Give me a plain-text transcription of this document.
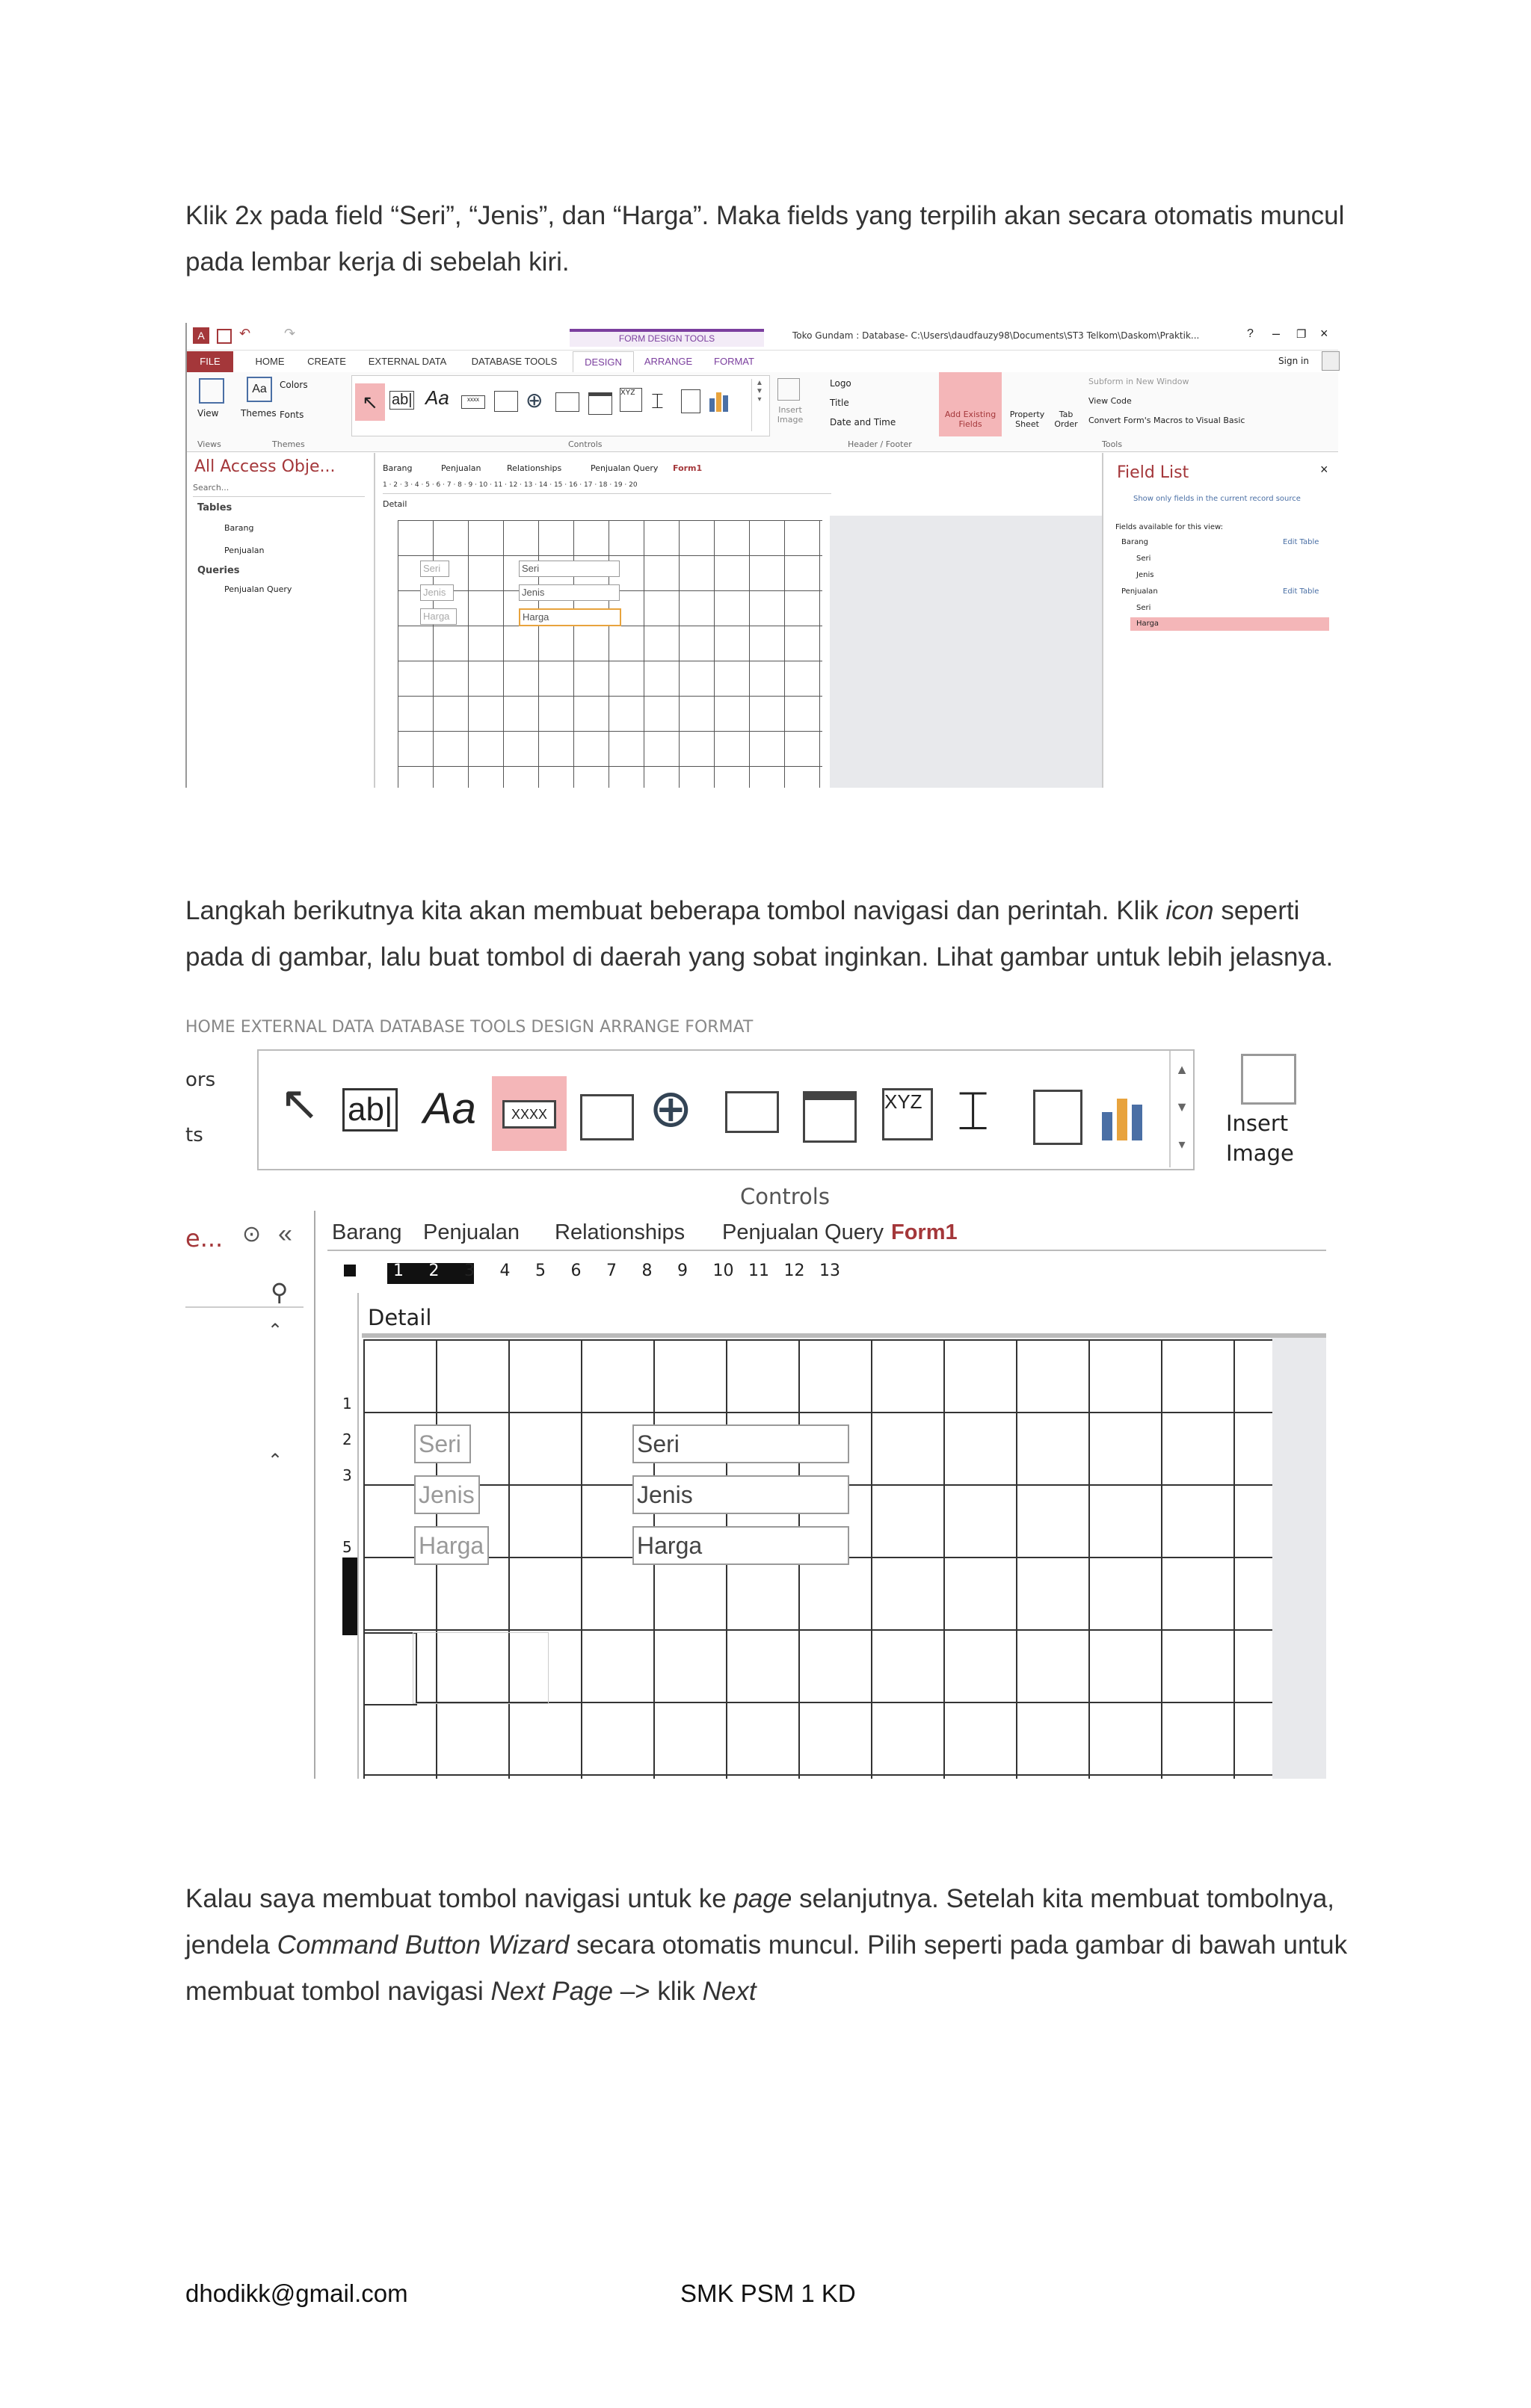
Klik 2x pada field “Seri”, “Jenis”, dan “Harga”. Maka fields yang terpilih akan secara otomatis muncul pada lembar kerja di sebelah kiri.
A	↶ ↷	FORM DESIGN TOOLS	Toko Gundam : Database- C:\Users\daudfauzy98\Documents\ST3 Telkom\Daskom\Praktik...	? – ❐ ×
FILE	HOME	CREATE	EXTERNAL DATA	DATABASE TOOLS	DESIGN	ARRANGE	FORMAT	Sign in
View
Aa
Themes
Colors
Fonts
↖ ab| Aa	xxxx ⊕	XYZ ⌶
▲
▼
▾
Insert Image
Logo
Title
Date and Time
Add Existing Fields
Property Sheet
Tab Order
Subform in New Window
View Code
Convert Form's Macros to Visual Basic
Views	Themes	Controls	Header / Footer	Tools
All Access Obje...
Search...
Tables
Barang
Penjualan
Queries
Penjualan Query
Barang	Penjualan	Relationships	Penjualan Query Form1
1 · 2 · 3 · 4 · 5 · 6 · 7 · 8 · 9 · 10 · 11 · 12 · 13 · 14 · 15 · 16 · 17 · 18 · 19 · 20
Detail
Seri
Jenis
Harga
Seri
Jenis
Harga
Field List	×
Show only fields in the current record source
Fields available for this view:
Barang	Edit Table
Seri
Jenis
Penjualan	Edit Table
Seri
Harga
Langkah berikutnya kita akan membuat beberapa tombol navigasi dan perintah. Klik icon seperti pada di gambar, lalu buat tombol di daerah yang sobat inginkan. Lihat gambar untuk lebih jelasnya.
HOME EXTERNAL DATA DATABASE TOOLS DESIGN ARRANGE FORMAT
ors
ts
↖ ab| Aa	XXXX ⊕	XYZ ⌶
▲
▼
▾
Insert
Image
Controls
e... ⊙ «
⚲
⌃
⌃
Barang Penjualan Relationships Penjualan Query Form1
1 2 3 4 5 6 7 8 9 10 11 12 13
1
2
3
4
5
Detail
Seri
Jenis
Harga
Seri
Jenis
Harga
Kalau saya membuat tombol navigasi untuk ke page selanjutnya. Setelah kita membuat tombolnya, jendela Command Button Wizard secara otomatis muncul. Pilih seperti pada gambar di bawah untuk membuat tombol navigasi Next Page –> klik Next
dhodikk@gmail.com	SMK PSM 1 KD
